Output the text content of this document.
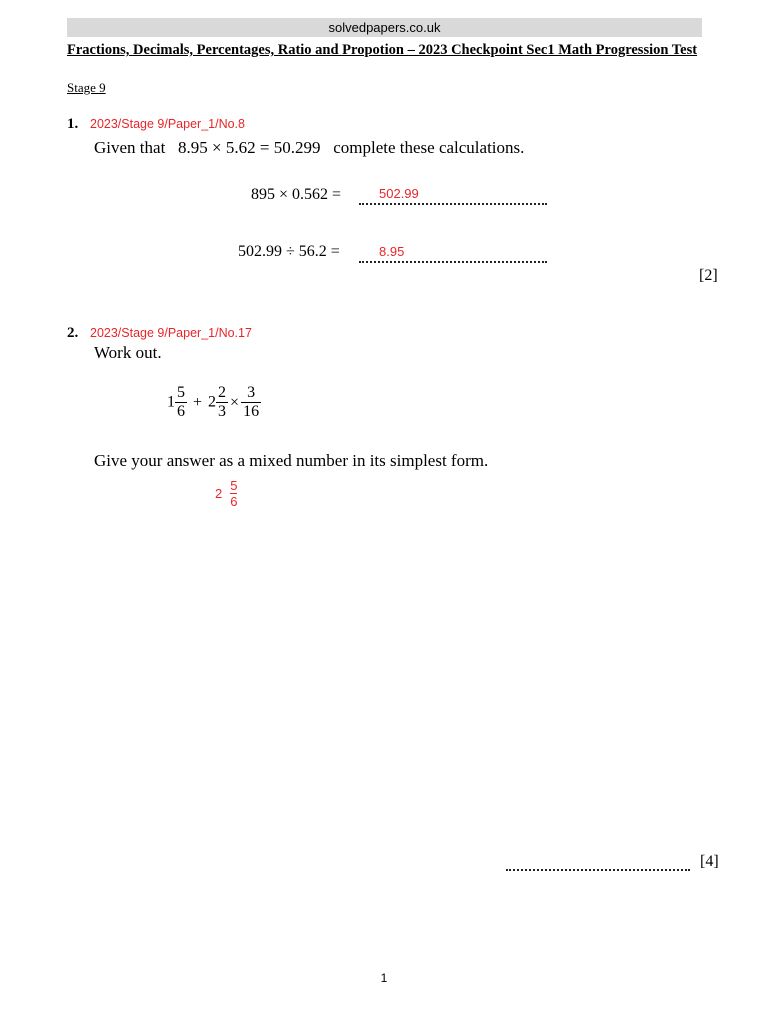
solvedpapers.co.uk
Fractions, Decimals, Percentages, Ratio and Propotion – 2023 Checkpoint Sec1 Math Progression Test
Stage 9
1. 2023/Stage 9/Paper_1/No.8
Given that   8.95 × 5.62 = 50.299   complete these calculations.
895 × 0.562 =	502.99
502.99 ÷ 56.2 =	8.95
[2]
2. 2023/Stage 9/Paper_1/No.17
Work out.
$1 \frac{5}{6} + 2 \frac{2}{3} \times \frac{3}{16}$
Give your answer as a mixed number in its simplest form.
$2 \frac{5}{6}$
[4]
1
